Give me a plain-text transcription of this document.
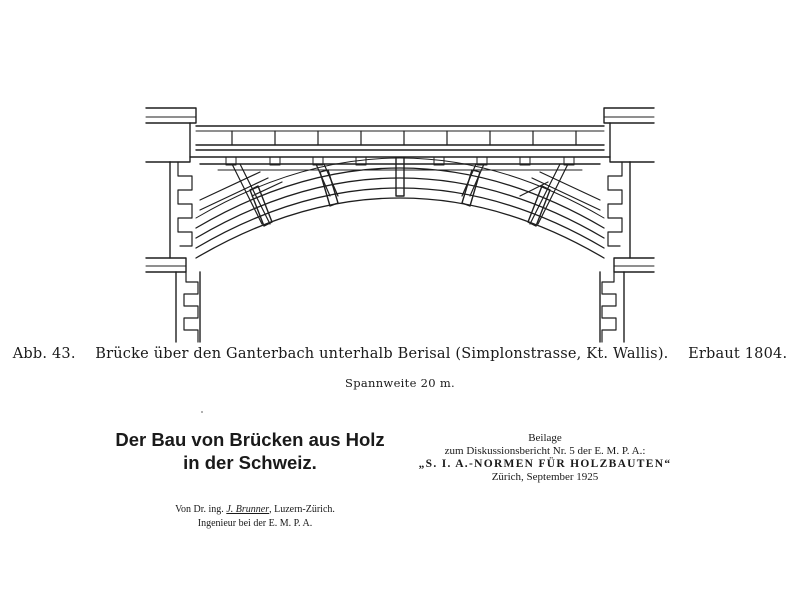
Abb. 43. Brücke über den Ganterbach unterhalb Berisal (Simplonstrasse, Kt. Wallis). Erbaut 1804.
Spannweite 20 m.
Der Bau von Brücken aus Holz
in der Schweiz.
Von Dr. ing. J. Brunner, Luzern-Zürich.
Ingenieur bei der E. M. P. A.
Beilage
zum Diskussionsbericht Nr. 5 der E. M. P. A.:
„S. I. A.-NORMEN FÜR HOLZBAUTEN“
Zürich, September 1925
